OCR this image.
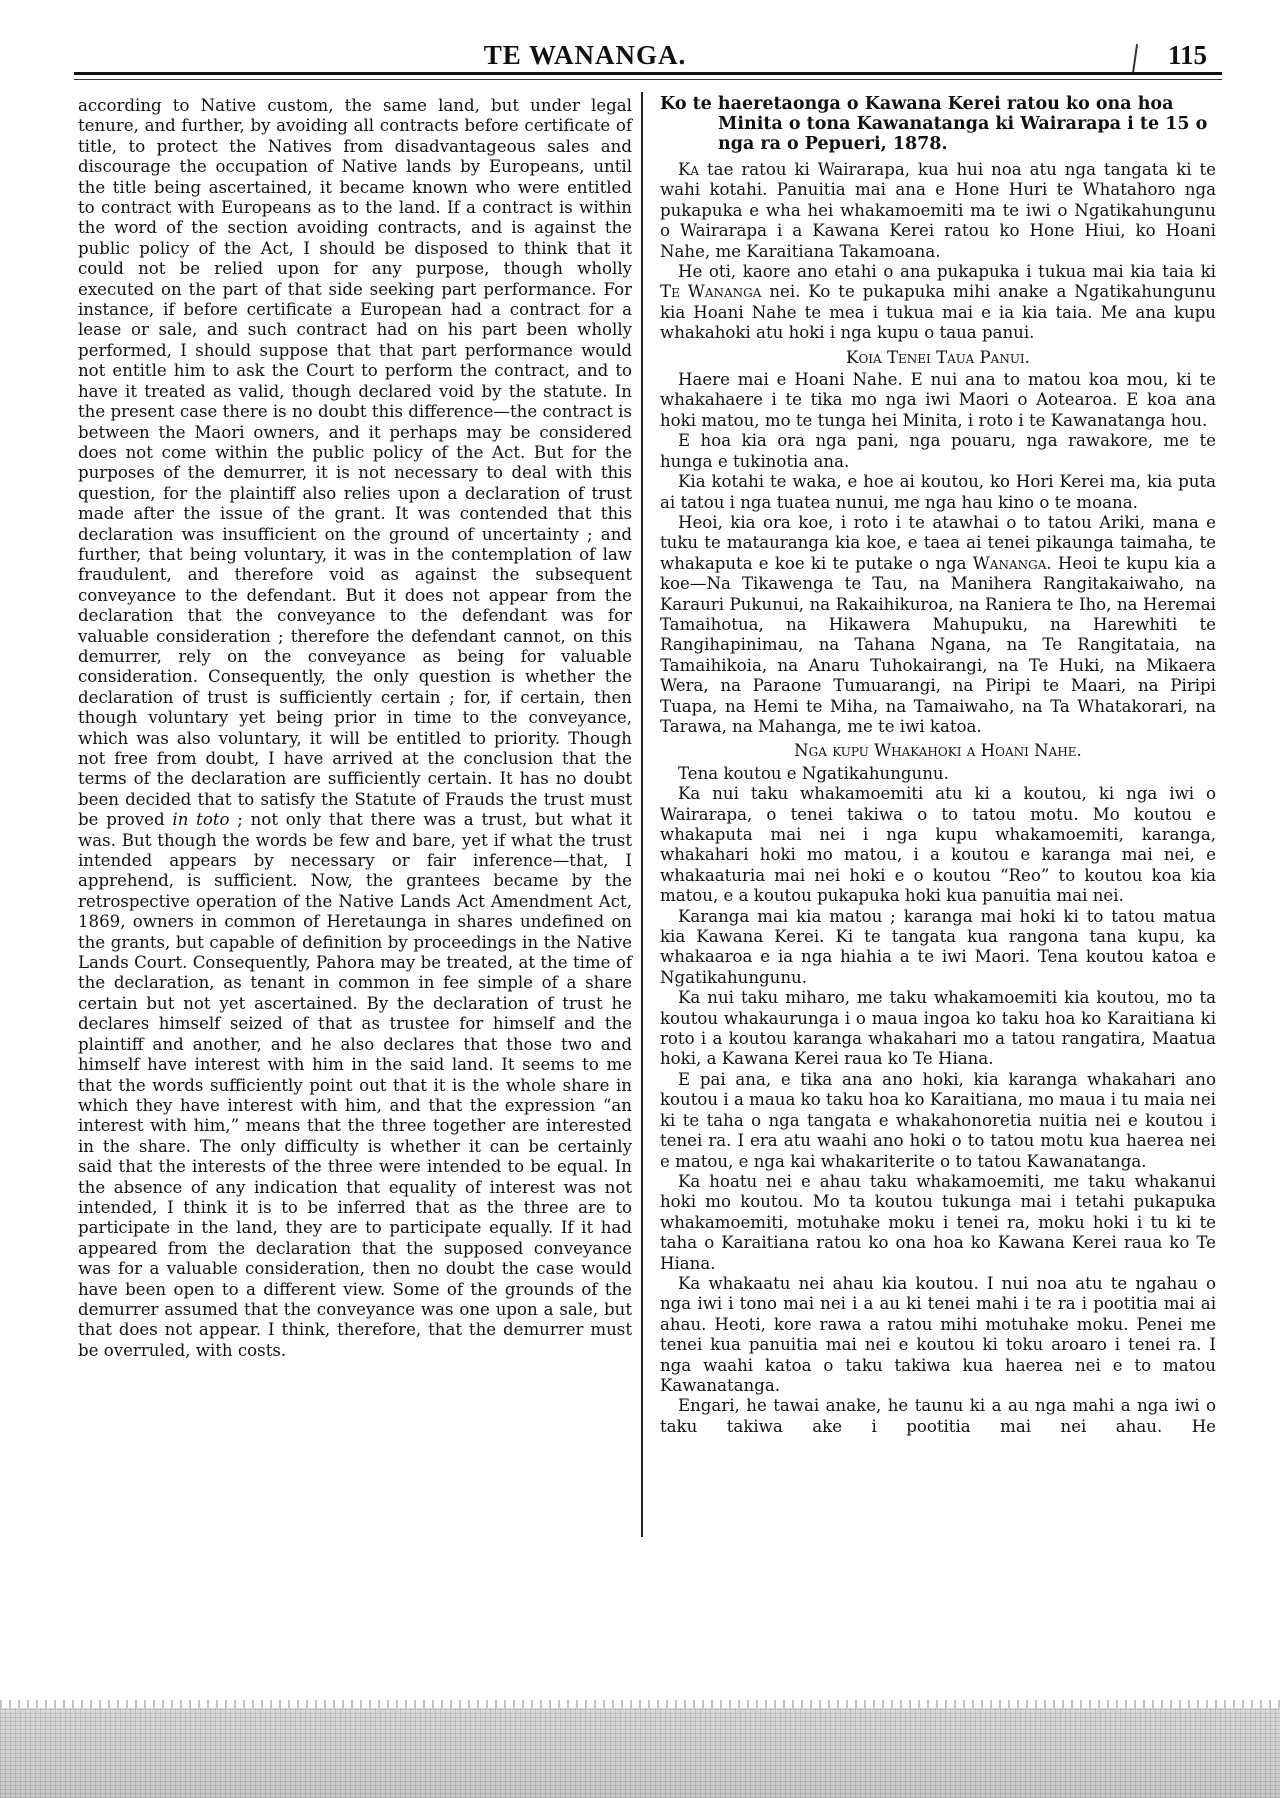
TE WANANGA.	115

according to Native custom, the same land, but under legal tenure, and further, by avoiding all contracts before certificate of title, to protect the Natives from disadvantageous sales and discourage the occupation of Native lands by Europeans, until the title being ascertained, it became known who were entitled to contract with Europeans as to the land. If a contract is within the word of the section avoiding contracts, and is against the public policy of the Act, I should be disposed to think that it could not be relied upon for any purpose, though wholly executed on the part of that side seeking part performance. For instance, if before certificate a European had a contract for a lease or sale, and such contract had on his part been wholly performed, I should suppose that that part performance would not entitle him to ask the Court to perform the contract, and to have it treated as valid, though declared void by the statute. In the present case there is no doubt this difference—the contract is between the Maori owners, and it perhaps may be considered does not come within the public policy of the Act. But for the purposes of the demurrer, it is not necessary to deal with this question, for the plaintiff also relies upon a declaration of trust made after the issue of the grant. It was contended that this declaration was insufficient on the ground of uncertainty ; and further, that being voluntary, it was in the contemplation of law fraudulent, and therefore void as against the subsequent conveyance to the defendant. But it does not appear from the declaration that the conveyance to the defendant was for valuable consideration ; therefore the defendant cannot, on this demurrer, rely on the conveyance as being for valuable consideration. Consequently, the only question is whether the declaration of trust is sufficiently certain ; for, if certain, then though voluntary yet being prior in time to the conveyance, which was also voluntary, it will be entitled to priority. Though not free from doubt, I have arrived at the conclusion that the terms of the declaration are sufficiently certain. It has no doubt been decided that to satisfy the Statute of Frauds the trust must be proved in toto ; not only that there was a trust, but what it was. But though the words be few and bare, yet if what the trust intended appears by necessary or fair inference—that, I apprehend, is sufficient. Now, the grantees became by the retrospective operation of the Native Lands Act Amendment Act, 1869, owners in common of Heretaunga in shares undefined on the grants, but capable of definition by proceedings in the Native Lands Court. Consequently, Pahora may be treated, at the time of the declaration, as tenant in common in fee simple of a share certain but not yet ascertained. By the declaration of trust he declares himself seized of that as trustee for himself and the plaintiff and another, and he also declares that those two and himself have interest with him in the said land. It seems to me that the words sufficiently point out that it is the whole share in which they have interest with him, and that the expression “an interest with him,” means that the three together are interested in the share. The only difficulty is whether it can be certainly said that the interests of the three were intended to be equal. In the absence of any indication that equality of interest was not intended, I think it is to be inferred that as the three are to participate in the land, they are to participate equally. If it had appeared from the declaration that the supposed conveyance was for a valuable consideration, then no doubt the case would have been open to a different view. Some of the grounds of the demurrer assumed that the conveyance was one upon a sale, but that does not appear. I think, therefore, that the demurrer must be overruled, with costs.

Ko te haeretaonga o Kawana Kerei ratou ko ona hoa Minita o tona Kawanatanga ki Wairarapa i te 15 o nga ra o Pepueri, 1878.

Ka tae ratou ki Wairarapa, kua hui noa atu nga tangata ki te wahi kotahi. Panuitia mai ana e Hone Huri te Whatahoro nga pukapuka e wha hei whakamoemiti ma te iwi o Ngatikahungunu o Wairarapa i a Kawana Kerei ratou ko Hone Hiui, ko Hoani Nahe, me Karaitiana Takamoana.

He oti, kaore ano etahi o ana pukapuka i tukua mai kia taia ki Te Wananga nei. Ko te pukapuka mihi anake a Ngatikahungunu kia Hoani Nahe te mea i tukua mai e ia kia taia. Me ana kupu whakahoki atu hoki i nga kupu o taua panui.

Koia Tenei Taua Panui.

Haere mai e Hoani Nahe. E nui ana to matou koa mou, ki te whakahaere i te tika mo nga iwi Maori o Aotearoa. E koa ana hoki matou, mo te tunga hei Minita, i roto i te Kawanatanga hou.

E hoa kia ora nga pani, nga pouaru, nga rawakore, me te hunga e tukinotia ana.

Kia kotahi te waka, e hoe ai koutou, ko Hori Kerei ma, kia puta ai tatou i nga tuatea nunui, me nga hau kino o te moana.

Heoi, kia ora koe, i roto i te atawhai o to tatou Ariki, mana e tuku te matauranga kia koe, e taea ai tenei pikaunga taimaha, te whakaputa e koe ki te putake o nga Wananga. Heoi te kupu kia a koe—Na Tikawenga te Tau, na Manihera Rangitakaiwaho, na Karauri Pukunui, na Rakaihikuroa, na Raniera te Iho, na Heremai Tamaihotua, na Hikawera Mahupuku, na Harewhiti te Rangihapinimau, na Tahana Ngana, na Te Rangitataia, na Tamaihikoia, na Anaru Tuhokairangi, na Te Huki, na Mikaera Wera, na Paraone Tumuarangi, na Piripi te Maari, na Piripi Tuapa, na Hemi te Miha, na Tamaiwaho, na Ta Whatakorari, na Tarawa, na Mahanga, me te iwi katoa.

Nga kupu Whakahoki a Hoani Nahe.

Tena koutou e Ngatikahungunu.

Ka nui taku whakamoemiti atu ki a koutou, ki nga iwi o Wairarapa, o tenei takiwa o to tatou motu. Mo koutou e whakaputa mai nei i nga kupu whakamoemiti, karanga, whakahari hoki mo matou, i a koutou e karanga mai nei, e whakaaturia mai nei hoki e o koutou “Reo” to koutou koa kia matou, e a koutou pukapuka hoki kua panuitia mai nei.

Karanga mai kia matou ; karanga mai hoki ki to tatou matua kia Kawana Kerei. Ki te tangata kua rangona tana kupu, ka whakaaroa e ia nga hiahia a te iwi Maori. Tena koutou katoa e Ngatikahungunu.

Ka nui taku miharo, me taku whakamoemiti kia koutou, mo ta koutou whakaurunga i o maua ingoa ko taku hoa ko Karaitiana ki roto i a koutou karanga whakahari mo a tatou rangatira, Maatua hoki, a Kawana Kerei raua ko Te Hiana.

E pai ana, e tika ana ano hoki, kia karanga whakahari ano koutou i a maua ko taku hoa ko Karaitiana, mo maua i tu maia nei ki te taha o nga tangata e whakahonoretia nuitia nei e koutou i tenei ra. I era atu waahi ano hoki o to tatou motu kua haerea nei e matou, e nga kai whakariterite o to tatou Kawanatanga.

Ka hoatu nei e ahau taku whakamoemiti, me taku whakanui hoki mo koutou. Mo ta koutou tukunga mai i tetahi pukapuka whakamoemiti, motuhake moku i tenei ra, moku hoki i tu ki te taha o Karaitiana ratou ko ona hoa ko Kawana Kerei raua ko Te Hiana.

Ka whakaatu nei ahau kia koutou. I nui noa atu te ngahau o nga iwi i tono mai nei i a au ki tenei mahi i te ra i pootitia mai ai ahau. Heoti, kore rawa a ratou mihi motuhake moku. Penei me tenei kua panuitia mai nei e koutou ki toku aroaro i tenei ra. I nga waahi katoa o taku takiwa kua haerea nei e to matou Kawanatanga.

Engari, he tawai anake, he taunu ki a au nga mahi a nga iwi o taku takiwa ake i pootitia mai nei ahau. He
